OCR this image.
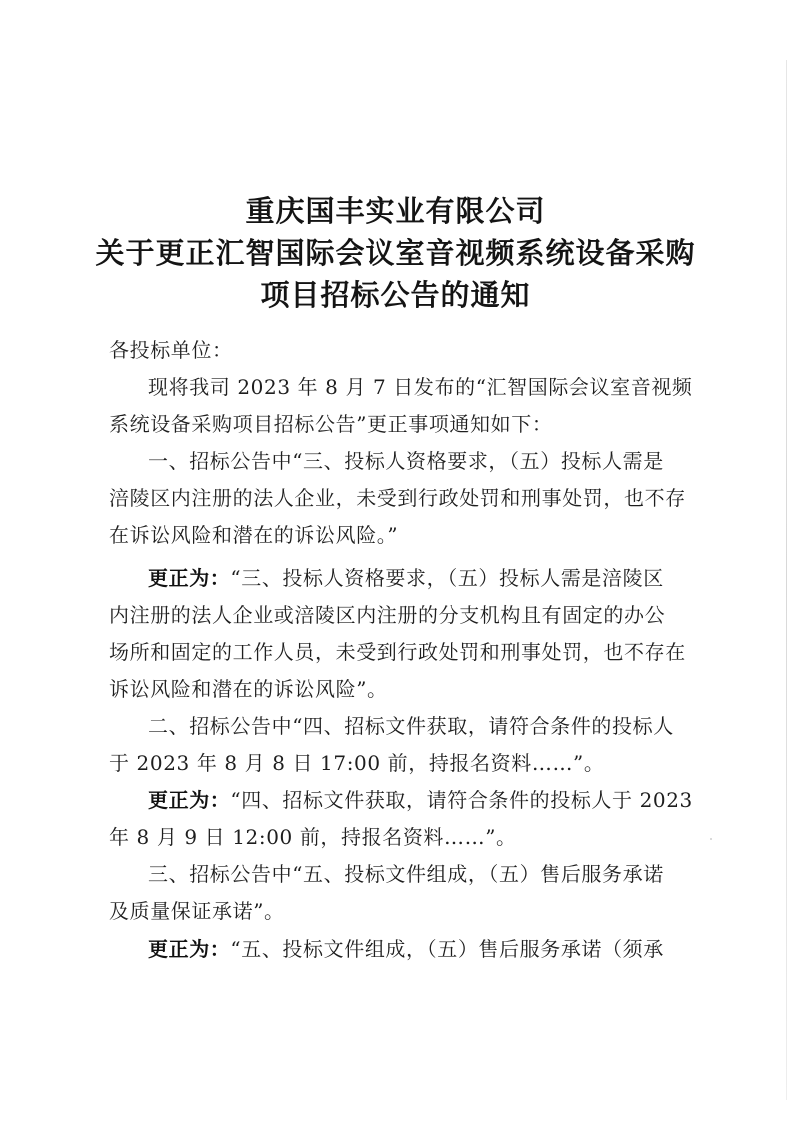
重庆国丰实业有限公司
关于更正汇智国际会议室音视频系统设备采购
项目招标公告的通知
各投标单位：
现将我司 2023 年 8 月 7 日发布的“汇智国际会议室音视频
系统设备采购项目招标公告”更正事项通知如下：
一、招标公告中“三、投标人资格要求，（五）投标人需是
涪陵区内注册的法人企业，未受到行政处罚和刑事处罚，也不存
在诉讼风险和潜在的诉讼风险。”
更正为：“三、投标人资格要求，（五）投标人需是涪陵区
内注册的法人企业或涪陵区内注册的分支机构且有固定的办公
场所和固定的工作人员，未受到行政处罚和刑事处罚，也不存在
诉讼风险和潜在的诉讼风险”。
二、招标公告中“四、招标文件获取，请符合条件的投标人
于 2023 年 8 月 8 日 17:00 前，持报名资料……”。
更正为：“四、招标文件获取，请符合条件的投标人于 2023
年 8 月 9 日 12:00 前，持报名资料……”。
三、招标公告中“五、投标文件组成，（五）售后服务承诺
及质量保证承诺”。
更正为：“五、投标文件组成，（五）售后服务承诺（须承
